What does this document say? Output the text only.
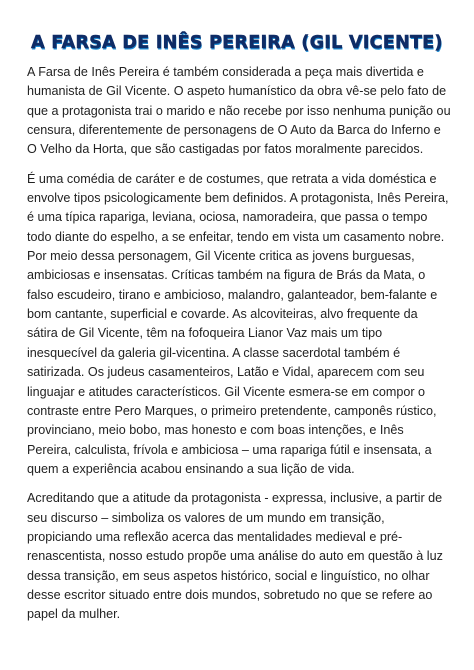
A FARSA DE INÊS PEREIRA (GIL VICENTE)

A Farsa de Inês Pereira é também considerada a peça mais divertida e humanista de Gil Vicente. O aspeto humanístico da obra vê-se pelo fato de que a protagonista trai o marido e não recebe por isso nenhuma punição ou censura, diferentemente de personagens de O Auto da Barca do Inferno e O Velho da Horta, que são castigadas por fatos moralmente parecidos.

É uma comédia de caráter e de costumes, que retrata a vida doméstica e envolve tipos psicologicamente bem definidos. A protagonista, Inês Pereira, é uma típica rapariga, leviana, ociosa, namoradeira, que passa o tempo todo diante do espelho, a se enfeitar, tendo em vista um casamento nobre. Por meio dessa personagem, Gil Vicente critica as jovens burguesas, ambiciosas e insensatas. Críticas também na figura de Brás da Mata, o falso escudeiro, tirano e ambicioso, malandro, galanteador, bem-falante e bom cantante, superficial e covarde. As alcoviteiras, alvo frequente da sátira de Gil Vicente, têm na fofoqueira Lianor Vaz mais um tipo inesquecível da galeria gil-vicentina. A classe sacerdotal também é satirizada. Os judeus casamenteiros, Latão e Vidal, aparecem com seu linguajar e atitudes característicos. Gil Vicente esmera-se em compor o contraste entre Pero Marques, o primeiro pretendente, camponês rústico, provinciano, meio bobo, mas honesto e com boas intenções, e Inês Pereira, calculista, frívola e ambiciosa – uma rapariga fútil e insensata, a quem a experiência acabou ensinando a sua lição de vida.

Acreditando que a atitude da protagonista - expressa, inclusive, a partir de seu discurso – simboliza os valores de um mundo em transição, propiciando uma reflexão acerca das mentalidades medieval e pré-renascentista, nosso estudo propõe uma análise do auto em questão à luz dessa transição, em seus aspetos histórico, social e linguístico, no olhar desse escritor situado entre dois mundos, sobretudo no que se refere ao papel da mulher.
